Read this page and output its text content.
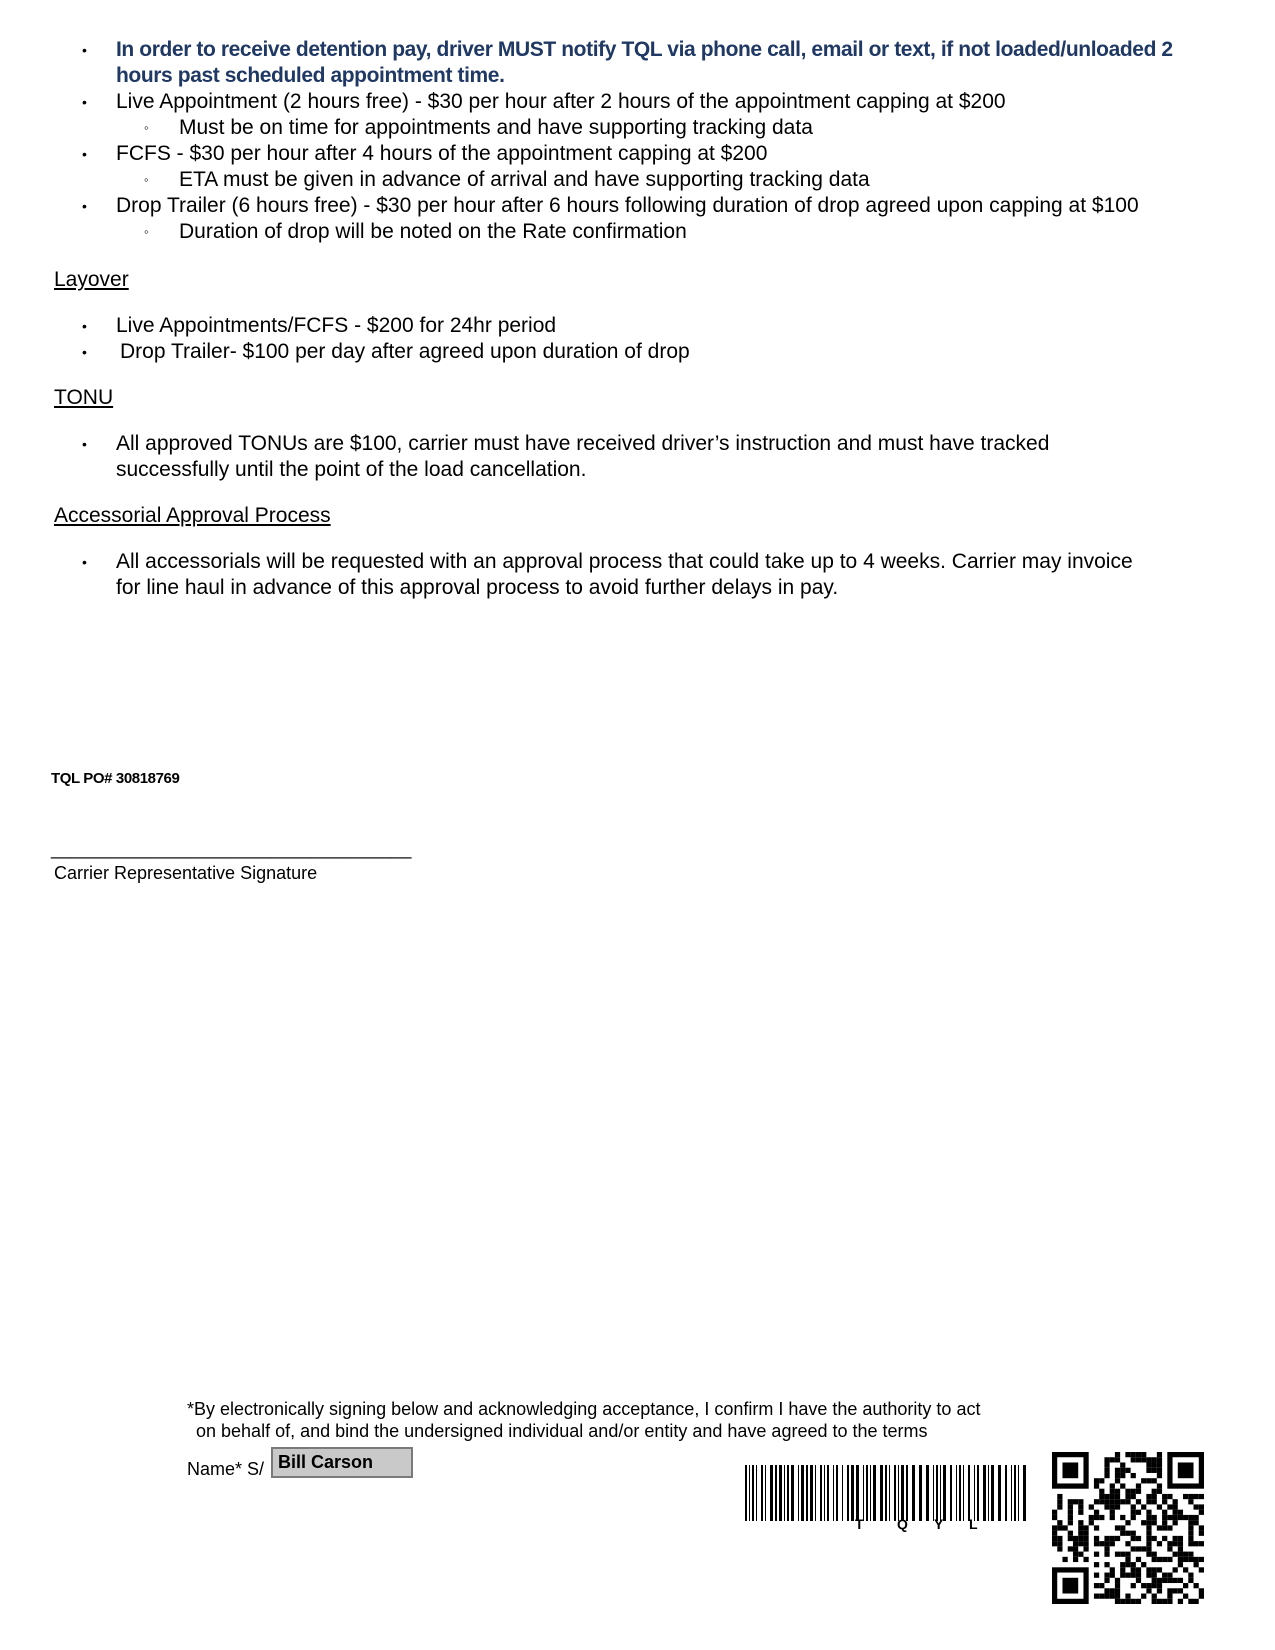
• In order to receive detention pay, driver MUST notify TQL via phone call, email or text, if not loaded/unloaded 2
hours past scheduled appointment time.
• Live Appointment (2 hours free) - $30 per hour after 2 hours of the appointment capping at $200
◦ Must be on time for appointments and have supporting tracking data
• FCFS - $30 per hour after 4 hours of the appointment capping at $200
◦ ETA must be given in advance of arrival and have supporting tracking data
• Drop Trailer (6 hours free) - $30 per hour after 6 hours following duration of drop agreed upon capping at $100
◦ Duration of drop will be noted on the Rate confirmation
Layover
• Live Appointments/FCFS - $200 for 24hr period
• Drop Trailer- $100 per day after agreed upon duration of drop
TONU
• All approved TONUs are $100, carrier must have received driver’s instruction and must have tracked
successfully until the point of the load cancellation.
Accessorial Approval Process
• All accessorials will be requested with an approval process that could take up to 4 weeks. Carrier may invoice
for line haul in advance of this approval process to avoid further delays in pay.
TQL PO# 30818769
____________________________________
Carrier Representative Signature
*By electronically signing below and acknowledging acceptance, I confirm I have the authority to act
on behalf of, and bind the undersigned individual and/or entity and have agreed to the terms
Name* S/ Bill Carson
T Q Y L
